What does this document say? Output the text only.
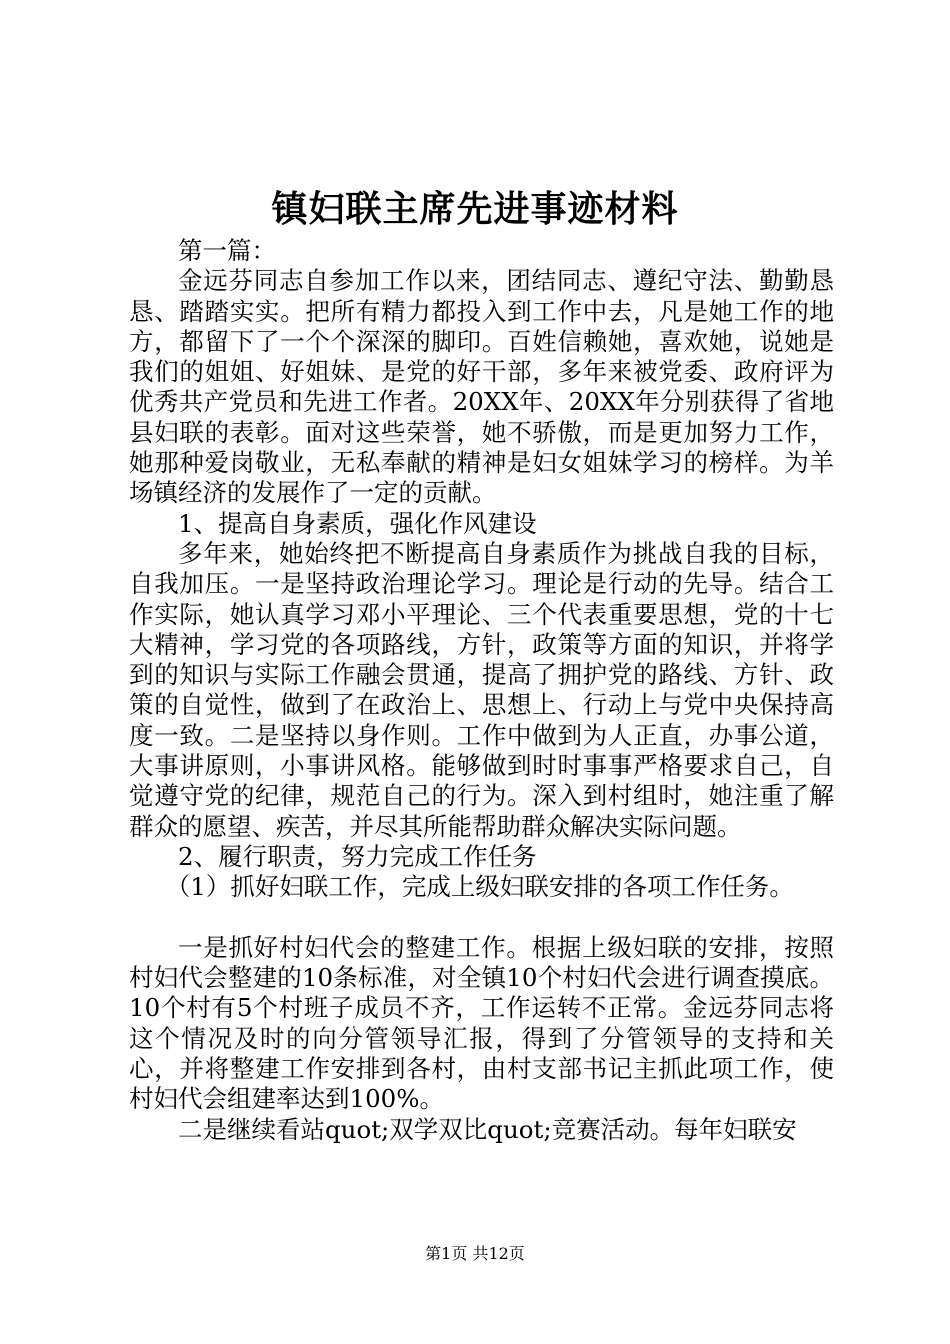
镇妇联主席先进事迹材料

第一篇：

金远芬同志自参加工作以来，团结同志、遵纪守法、勤勤恳恳、踏踏实实。把所有精力都投入到工作中去，凡是她工作的地方，都留下了一个个深深的脚印。百姓信赖她，喜欢她，说她是我们的姐姐、好姐妹、是党的好干部，多年来被党委、政府评为优秀共产党员和先进工作者。20XX年、20XX年分别获得了省地县妇联的表彰。面对这些荣誉，她不骄傲，而是更加努力工作，她那种爱岗敬业，无私奉献的精神是妇女姐妹学习的榜样。为羊场镇经济的发展作了一定的贡献。

1、提高自身素质，强化作风建设

多年来，她始终把不断提高自身素质作为挑战自我的目标，自我加压。一是坚持政治理论学习。理论是行动的先导。结合工作实际，她认真学习邓小平理论、三个代表重要思想，党的十七大精神，学习党的各项路线，方针，政策等方面的知识，并将学到的知识与实际工作融会贯通，提高了拥护党的路线、方针、政策的自觉性，做到了在政治上、思想上、行动上与党中央保持高度一致。二是坚持以身作则。工作中做到为人正直，办事公道，大事讲原则，小事讲风格。能够做到时时事事严格要求自己，自觉遵守党的纪律，规范自己的行为。深入到村组时，她注重了解群众的愿望、疾苦，并尽其所能帮助群众解决实际问题。

2、履行职责，努力完成工作任务

（1）抓好妇联工作，完成上级妇联安排的各项工作任务。

一是抓好村妇代会的整建工作。根据上级妇联的安排，按照村妇代会整建的10条标准，对全镇10个村妇代会进行调查摸底。10个村有5个村班子成员不齐，工作运转不正常。金远芬同志将这个情况及时的向分管领导汇报，得到了分管领导的支持和关心，并将整建工作安排到各村，由村支部书记主抓此项工作，使村妇代会组建率达到100%。

二是继续看站quot;双学双比quot;竞赛活动。每年妇联安

第1页 共12页
